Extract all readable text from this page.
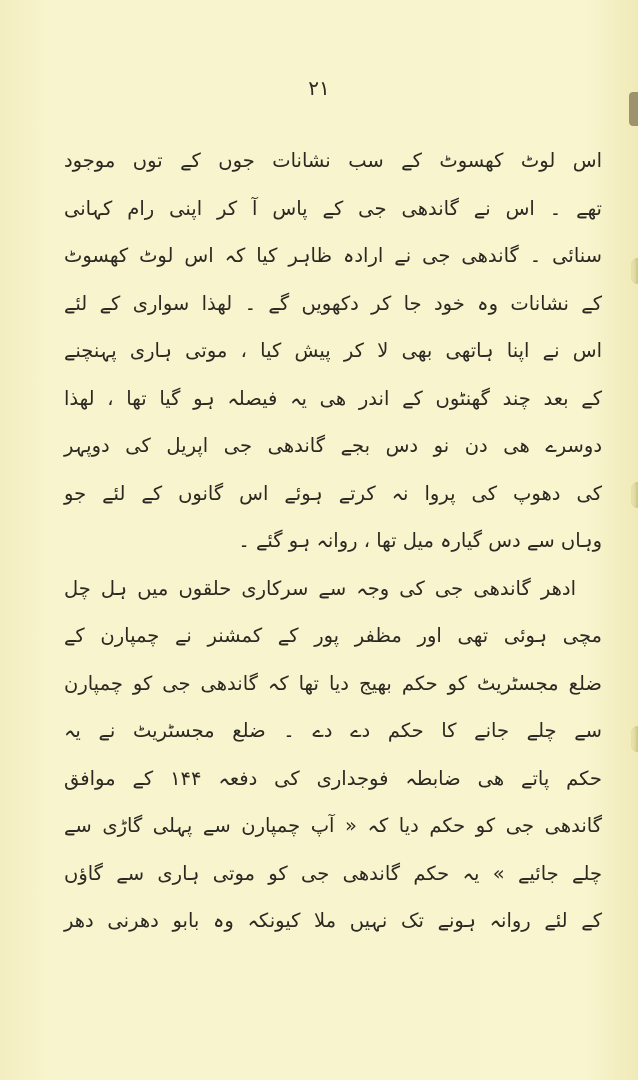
۲۱
اس لوٹ کھسوٹ کے سب نشانات جوں کے توں موجود
تھے ۔ اس نے گاندھی جی کے پاس آ کر اپنی رام کہانی
سنائی ۔ گاندھی جی نے ارادہ ظاہر کیا کہ اس لوٹ کھسوٹ
کے نشانات وہ خود جا کر دکھویں گے ۔ لھذا سواری کے لئے
اس نے اپنا ہاتھی بھی لا کر پیش کیا ، موتی ہاری پہنچنے
کے بعد چند گھنٹوں کے اندر ھی یہ فیصلہ ہو گیا تھا ، لھذا
دوسرے ھی دن نو دس بجے گاندھی جی اپریل کی دوپہر
کی دھوپ کی پروا نہ کرتے ہوئے اس گانوں کے لئے جو
وہاں سے دس گیارہ میل تھا ، روانہ ہو گئے ۔
ادھر گاندھی جی کی وجہ سے سرکاری حلقوں میں ہل چل
مچی ہوئی تھی اور مظفر پور کے کمشنر نے چمپارن کے
ضلع مجسٹریٹ کو حکم بھیج دیا تھا کہ گاندھی جی کو چمپارن
سے چلے جانے کا حکم دے دے ۔ ضلع مجسٹریٹ نے یہ
حکم پاتے ھی ضابطہ فوجداری کی دفعہ ۱۴۴ کے موافق
گاندھی جی کو حکم دیا کہ « آپ چمپارن سے پہلی گاڑی سے
چلے جائیے » یہ حکم گاندھی جی کو موتی ہاری سے گاؤں
کے لئے روانہ ہونے تک نہیں ملا کیونکہ وہ بابو دھرنی دھر
